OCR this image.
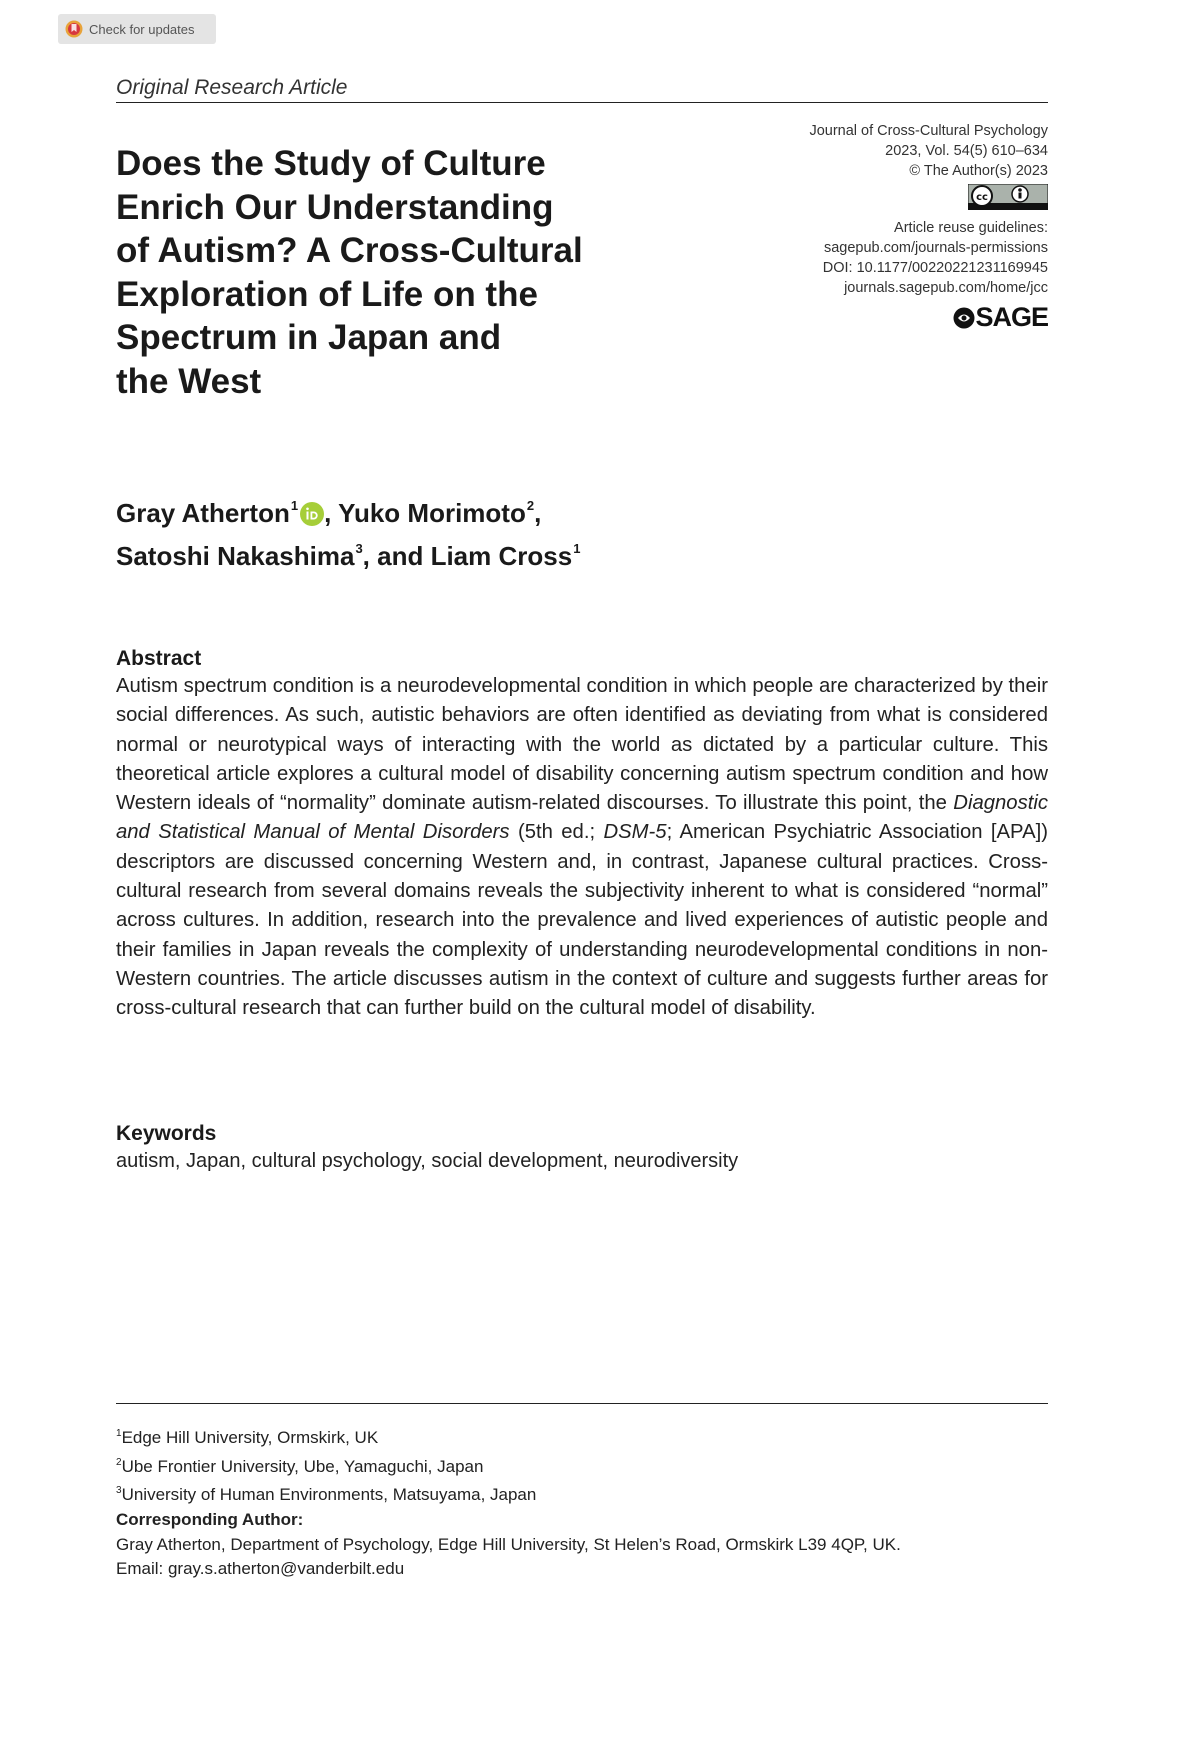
Check for updates
Original Research Article
Journal of Cross-Cultural Psychology
2023, Vol. 54(5) 610–634
© The Author(s) 2023
cc
Article reuse guidelines:
sagepub.com/journals-permissions
DOI: 10.1177/00220221231169945
journals.sagepub.com/home/jcc
SAGE
Does the Study of Culture
Enrich Our Understanding
of Autism? A Cross-Cultural
Exploration of Life on the
Spectrum in Japan and
the West
Gray Atherton$^1$ , Yuko Morimoto$^2$,
Satoshi Nakashima$^3$, and Liam Cross$^1$
Abstract

Autism spectrum condition is a neurodevelopmental condition in which people are characterized by their social differences. As such, autistic behaviors are often identified as deviating from what is considered normal or neurotypical ways of interacting with the world as dictated by a particular culture. This theoretical article explores a cultural model of disability concerning autism spectrum condition and how Western ideals of “normality” dominate autism-related discourses. To illustrate this point, the Diagnostic and Statistical Manual of Mental Disorders (5th ed.; DSM-5; American Psychiatric Association [APA]) descriptors are discussed concerning Western and, in contrast, Japanese cultural practices. Cross-cultural research from several domains reveals the subjectivity inherent to what is considered “normal” across cultures. In addition, research into the prevalence and lived experiences of autistic people and their families in Japan reveals the complexity of understanding neurodevelopmental conditions in non-Western countries. The article discusses autism in the context of culture and suggests further areas for cross-cultural research that can further build on the cultural model of disability.

Keywords
autism, Japan, cultural psychology, social development, neurodiversity
$^1$Edge Hill University, Ormskirk, UK
$^2$Ube Frontier University, Ube, Yamaguchi, Japan
$^3$University of Human Environments, Matsuyama, Japan
Corresponding Author:
Gray Atherton, Department of Psychology, Edge Hill University, St Helen’s Road, Ormskirk L39 4QP, UK.
Email: gray.s.atherton@vanderbilt.edu
